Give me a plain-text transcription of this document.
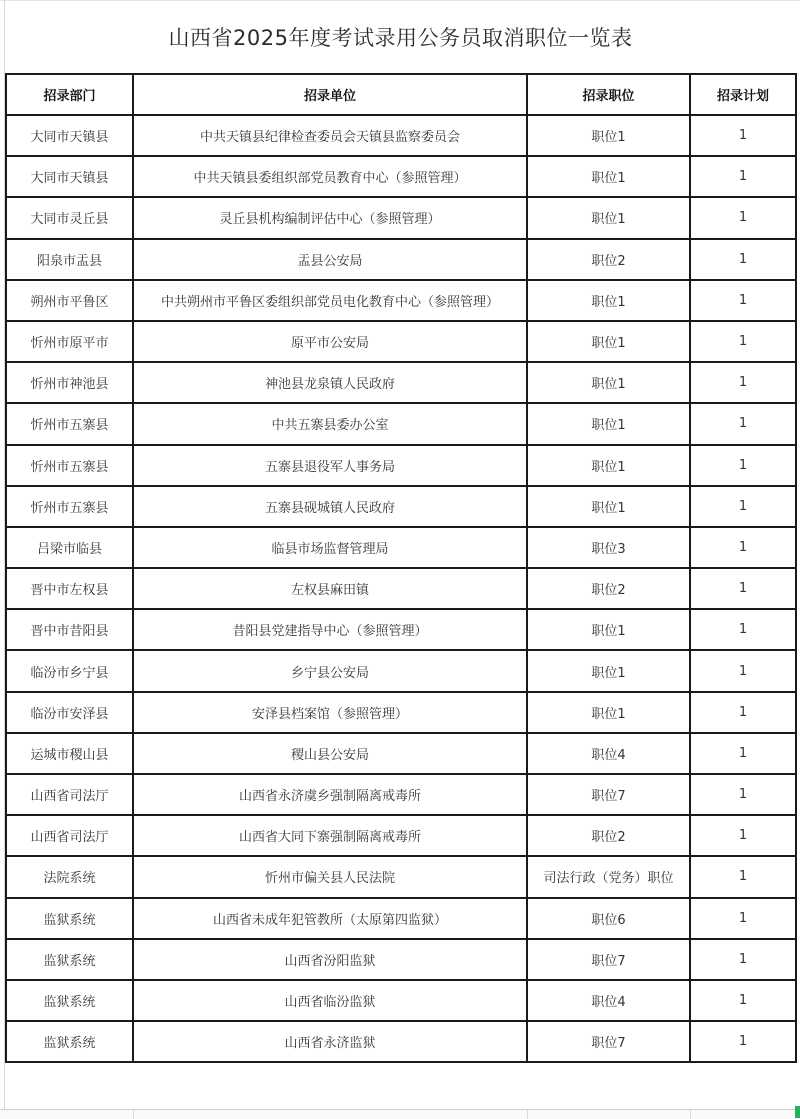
山西省2025年度考试录用公务员取消职位一览表
招录部门	招录单位	招录职位	招录计划
大同市天镇县	中共天镇县纪律检查委员会天镇县监察委员会	职位1	1
大同市天镇县	中共天镇县委组织部党员教育中心（参照管理）	职位1	1
大同市灵丘县	灵丘县机构编制评估中心（参照管理）	职位1	1
阳泉市盂县	盂县公安局	职位2	1
朔州市平鲁区	中共朔州市平鲁区委组织部党员电化教育中心（参照管理）	职位1	1
忻州市原平市	原平市公安局	职位1	1
忻州市神池县	神池县龙泉镇人民政府	职位1	1
忻州市五寨县	中共五寨县委办公室	职位1	1
忻州市五寨县	五寨县退役军人事务局	职位1	1
忻州市五寨县	五寨县砚城镇人民政府	职位1	1
吕梁市临县	临县市场监督管理局	职位3	1
晋中市左权县	左权县麻田镇	职位2	1
晋中市昔阳县	昔阳县党建指导中心（参照管理）	职位1	1
临汾市乡宁县	乡宁县公安局	职位1	1
临汾市安泽县	安泽县档案馆（参照管理）	职位1	1
运城市稷山县	稷山县公安局	职位4	1
山西省司法厅	山西省永济虞乡强制隔离戒毒所	职位7	1
山西省司法厅	山西省大同下寨强制隔离戒毒所	职位2	1
法院系统	忻州市偏关县人民法院	司法行政（党务）职位	1
监狱系统	山西省未成年犯管教所（太原第四监狱）	职位6	1
监狱系统	山西省汾阳监狱	职位7	1
监狱系统	山西省临汾监狱	职位4	1
监狱系统	山西省永济监狱	职位7	1
